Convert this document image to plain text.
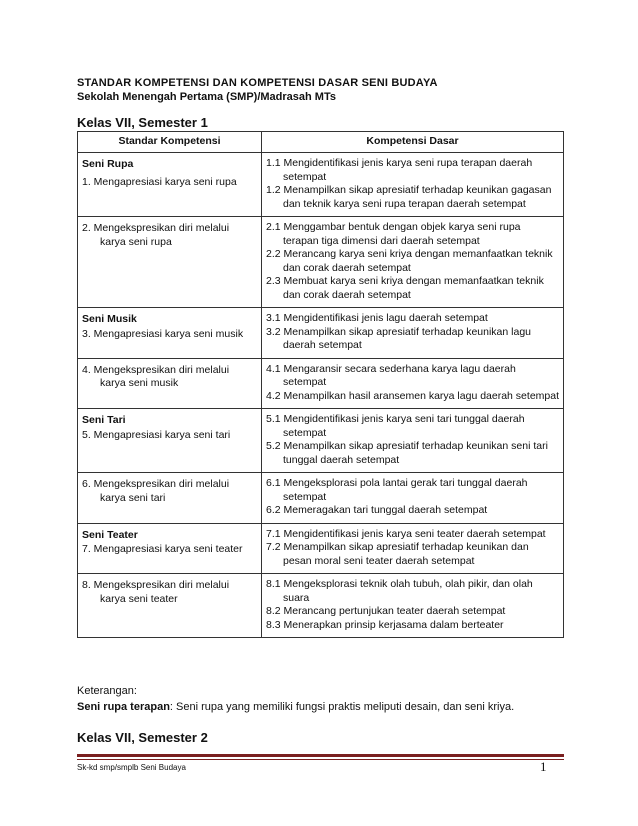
STANDAR KOMPETENSI DAN KOMPETENSI DASAR SENI BUDAYA
Sekolah Menengah Pertama (SMP)/Madrasah MTs
Kelas VII, Semester 1
Standar Kompetensi	Kompetensi Dasar

Seni Rupa
1. Mengapresiasi karya seni rupa	1.1 Mengidentifikasi jenis karya seni rupa terapan daerah setempat
1.2 Menampilkan sikap apresiatif terhadap keunikan gagasan dan teknik karya seni rupa terapan daerah setempat

2. Mengekspresikan diri melalui karya seni rupa	2.1 Menggambar bentuk dengan objek karya seni rupa terapan tiga dimensi dari daerah setempat
2.2 Merancang karya seni kriya dengan memanfaatkan teknik dan corak daerah setempat
2.3 Membuat karya seni kriya dengan memanfaatkan teknik dan corak daerah setempat

Seni Musik
3. Mengapresiasi karya seni musik	3.1 Mengidentifikasi jenis lagu daerah setempat
3.2 Menampilkan sikap apresiatif terhadap keunikan lagu daerah setempat

4. Mengekspresikan diri melalui karya seni musik	4.1 Mengaransir secara sederhana karya lagu daerah setempat
4.2 Menampilkan hasil aransemen karya lagu daerah setempat

Seni Tari
5. Mengapresiasi karya seni tari	5.1 Mengidentifikasi jenis karya seni tari tunggal daerah setempat
5.2 Menampilkan sikap apresiatif terhadap keunikan seni tari tunggal daerah setempat

6. Mengekspresikan diri melalui karya seni tari	6.1 Mengeksplorasi pola lantai gerak tari tunggal daerah setempat
6.2 Memeragakan tari tunggal daerah setempat

Seni Teater
7. Mengapresiasi karya seni teater	7.1 Mengidentifikasi jenis karya seni teater daerah setempat
7.2 Menampilkan sikap apresiatif terhadap keunikan dan pesan moral seni teater daerah setempat

8. Mengekspresikan diri melalui karya seni teater	8.1 Mengeksplorasi teknik olah tubuh, olah pikir, dan olah suara
8.2 Merancang pertunjukan teater daerah setempat
8.3 Menerapkan prinsip kerjasama dalam berteater
Keterangan:
Seni rupa terapan: Seni rupa yang memiliki fungsi praktis meliputi desain, dan seni kriya.
Kelas VII, Semester 2
Sk-kd smp/smplb Seni Budaya	1
